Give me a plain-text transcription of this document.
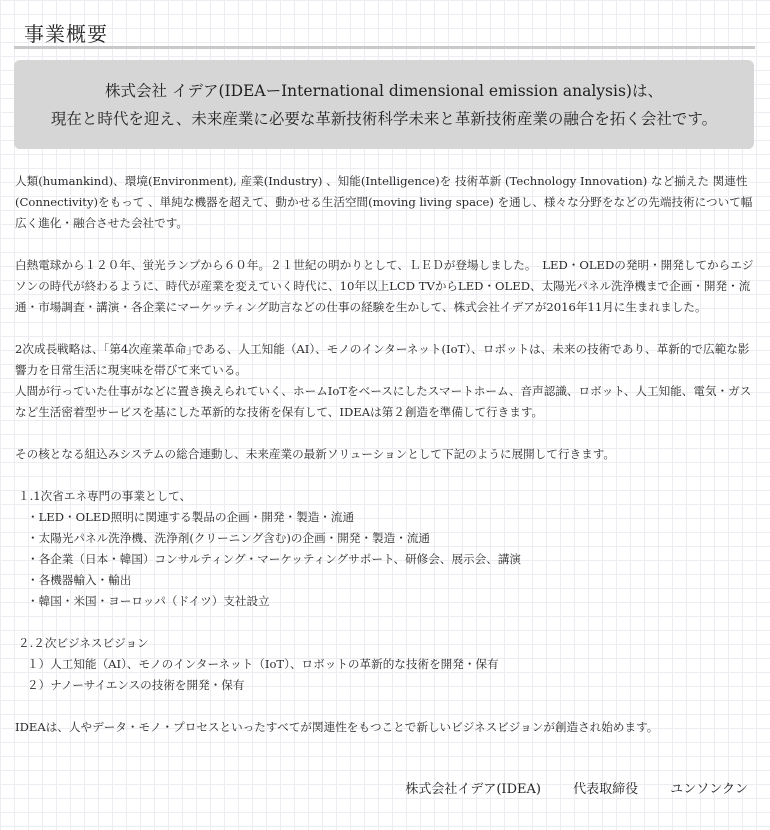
事業概要
株式会社 イデア(IDEAーInternational dimensional emission analysis)は、
現在と時代を迎え、未来産業に必要な革新技術科学未来と革新技術産業の融合を拓く会社です。

人類(humankind)、環境(Environment), 産業(Industry) 、知能(Intelligence)を 技術革新 (Technology Innovation) など揃えた 関連性(Connectivity)をもって 、単純な機器を超えて、動かせる生活空間(moving living space) を通し、様々な分野をなどの先端技術について幅広く進化・融合させた会社です。

白熱電球から１２０年、蛍光ランプから６０年。２１世紀の明かりとして、ＬＥＤが登場しました。　LED・OLEDの発明・開発してからエジソンの時代が終わるように、時代が産業を変えていく時代に、10年以上LCD TVからLED・OLED、太陽光パネル洗浄機まで企画・開発・流通・市場調査・講演・各企業にマーケッティング助言などの仕事の経験を生かして、株式会社イデアが2016年11月に生まれました。

2次成長戦略は、｢第4次産業革命｣である、人工知能（AI）、モノのインターネット(IoT）、ロボットは、未来の技術であり、革新的で広範な影響力を日常生活に現実味を帯びて来ている。

人間が行っていた仕事がなどに置き換えられていく、ホームIoTをベースにしたスマートホーム、音声認識、ロボット、人工知能、電気・ガスなど生活密着型サービスを基にした革新的な技術を保有して、IDEAは第２創造を準備して行きます。

その核となる組込みシステムの総合連動し、未来産業の最新ソリューションとして下記のように展開して行きます。

１.1次省エネ専門の事業として、
・LED・OLED照明に関連する製品の企画・開発・製造・流通
・太陽光パネル洗浄機、洗浄剤(クリーニング含む)の企画・開発・製造・流通
・各企業（日本・韓国）コンサルティング・マーケッティングサポート、研修会、展示会、講演
・各機器輸入・輸出
・韓国・米国・ヨーロッパ（ドイツ）支社設立
２.２次ビジネスビジョン
１）人工知能（AI）、モノのインターネット（IoT）、ロボットの革新的な技術を開発・保有
２）ナノーサイエンスの技術を開発・保有

IDEAは、人やデータ・モノ・プロセスといったすべてが関連性をもつことで新しいビジネスビジョンが創造され始めます。

株式会社イデア(IDEA) 代表取締役 ユンソンクン
